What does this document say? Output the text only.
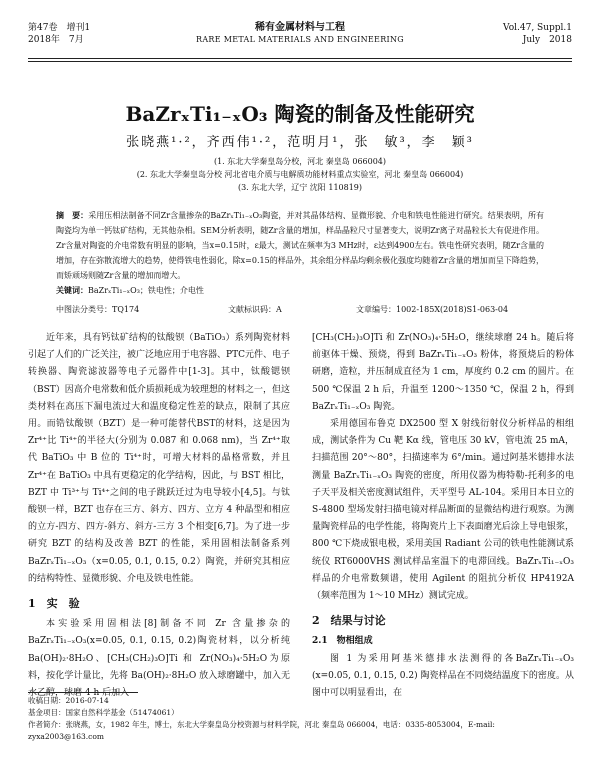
第47卷　增刊1
2018年　7月
稀有金属材料与工程
RARE METAL MATERIALS AND ENGINEERING
Vol.47, Suppl.1
July　2018
BaZrₓTi₁₋ₓO₃ 陶瓷的制备及性能研究
张晓燕¹·²，齐西伟¹·²，范明月¹，张　敏³，李　颖³
(1. 东北大学秦皇岛分校，河北 秦皇岛 066004)
(2. 东北大学秦皇岛分校 河北省电介质与电解质功能材料重点实验室，河北 秦皇岛 066004)
(3. 东北大学，辽宁 沈阳 110819)
摘　要：采用压相法制备不同Zr含量掺杂的BaZrₓTi₁₋ₓO₃陶瓷，并对其晶体结构、显微形貌、介电和铁电性能进行研究。结果表明，所有陶瓷均为单一钙钛矿结构，无其他杂相。SEM分析表明，随Zr含量的增加，样品晶粒尺寸显著变大，说明Zr离子对晶粒长大有促进作用。Zr含量对陶瓷的介电常数有明显的影响，当x=0.15时，ε最大，测试在频率为3 MHz时，ε达到4900左右。铁电性研究表明，随Zr含量的增加，存在弥散流增大的趋势，使得铁电性弱化，除x=0.15的样品外，其余组分样品均剩余极化强度均随着Zr含量的增加而呈下降趋势，而矫顽场则随Zr含量的增加而增大。
关键词：BaZrₓTi₁₋ₓO₃；铁电性；介电性
中图法分类号：TQ174	文献标识码：A	文章编号：1002-185X(2018)S1-063-04

近年来，具有钙钛矿结构的钛酸钡（BaTiO₃）系列陶瓷材料引起了人们的广泛关注，被广泛地应用于电容器、PTC元件、电子转换器、陶瓷滤波器等电子元器件中[1-3]。其中，钛酸锶钡（BST）因高介电常数和低介质损耗成为较理想的材料之一，但这类材料在高压下漏电流过大和温度稳定性差的缺点，限制了其应用。而锆钛酸钡（BZT）是一种可能替代BST的材料，这是因为 Zr⁴⁺比 Ti⁴⁺的半径大(分别为 0.087 和 0.068 nm)，当 Zr⁴⁺取代 BaTiO₃ 中 B 位的 Ti⁴⁺时，可增大材料的晶格常数，并且 Zr⁴⁺在 BaTiO₃ 中具有更稳定的化学结构，因此，与 BST 相比，BZT 中 Ti³⁺与 Ti⁴⁺之间的电子跳跃迁过为电导较小[4,5]。与钛酸钡一样，BZT 也存在三方、斜方、四方、立方 4 种晶型和相应的立方-四方、四方-斜方、斜方-三方 3 个相变[6,7]。为了进一步研究 BZT 的结构及改善 BZT 的性能，采用固相法制备系列 BaZrₓTi₁₋ₓO₃（x=0.05, 0.1, 0.15, 0.2）陶瓷，并研究其相应的结构特性、显微形貌、介电及铁电性能。

1　实　验

本实验采用固相法[8]制备不同 Zr 含量掺杂的BaZrₓTi₁₋ₓO₃(x=0.05, 0.1, 0.15, 0.2)陶瓷材料，以分析纯 Ba(OH)₂·8H₂O、[CH₃(CH₂)₃O]Ti 和 Zr(NO₃)₄·5H₂O为原料，按化学计量比，先将 Ba(OH)₂·8H₂O 放入球磨罐中，加入无水乙醇，球磨 4 h 后加入

[CH₃(CH₂)₃O]Ti 和 Zr(NO₃)₄·5H₂O，继续球磨 24 h。随后将前驱体干燥、预烧，得到 BaZrₓTi₁₋ₓO₃ 粉体，将预烧后的粉体研磨，造粒，并压制成直径为 1 cm，厚度约 0.2 cm 的圆片。在 500 ℃保温 2 h 后，升温至 1200～1350 ℃，保温 2 h，得到 BaZrₓTi₁₋ₓO₃ 陶瓷。

采用德国布鲁克 DX2500 型 X 射线衍射仪分析样品的相组成，测试条件为 Cu 靶 Kα 线，管电压 30 kV，管电流 25 mA，扫描范围 20°～80°，扫描速率为 6°/min。通过阿基米德排水法测量 BaZrₓTi₁₋ₓO₃ 陶瓷的密度，所用仪器为梅特勒-托利多的电子天平及相关密度测试组件，天平型号 AL-104。采用日本日立的 S-4800 型场发射扫描电镜对样品断面的显微结构进行观察。为测量陶瓷样品的电学性能，将陶瓷片上下表面磨光后涂上导电银浆，800 ℃下烧成银电极，采用美国 Radiant 公司的铁电性能测试系统仪 RT6000VHS 测试样品室温下的电滞回线。BaZrₓTi₁₋ₓO₃ 样品的介电常数频谱，使用 Agilent 的阻抗分析仪 HP4192A（频率范围为 1～10 MHz）测试完成。

2　结果与讨论
2.1　物相组成

图 1 为采用阿基米德排水法测得的各BaZrₓTi₁₋ₓO₃ (x=0.05, 0.1, 0.15, 0.2) 陶瓷样品在不同烧结温度下的密度。从图中可以明显看出，在

收稿日期：2016-07-14
基金项目：国家自然科学基金（51474061）
作者简介：张晓燕，女，1982 年生，博士，东北大学秦皇岛分校资源与材料学院，河北 秦皇岛 066004，电话：0335-8053004，E-mail: zyxa2003@163.com
